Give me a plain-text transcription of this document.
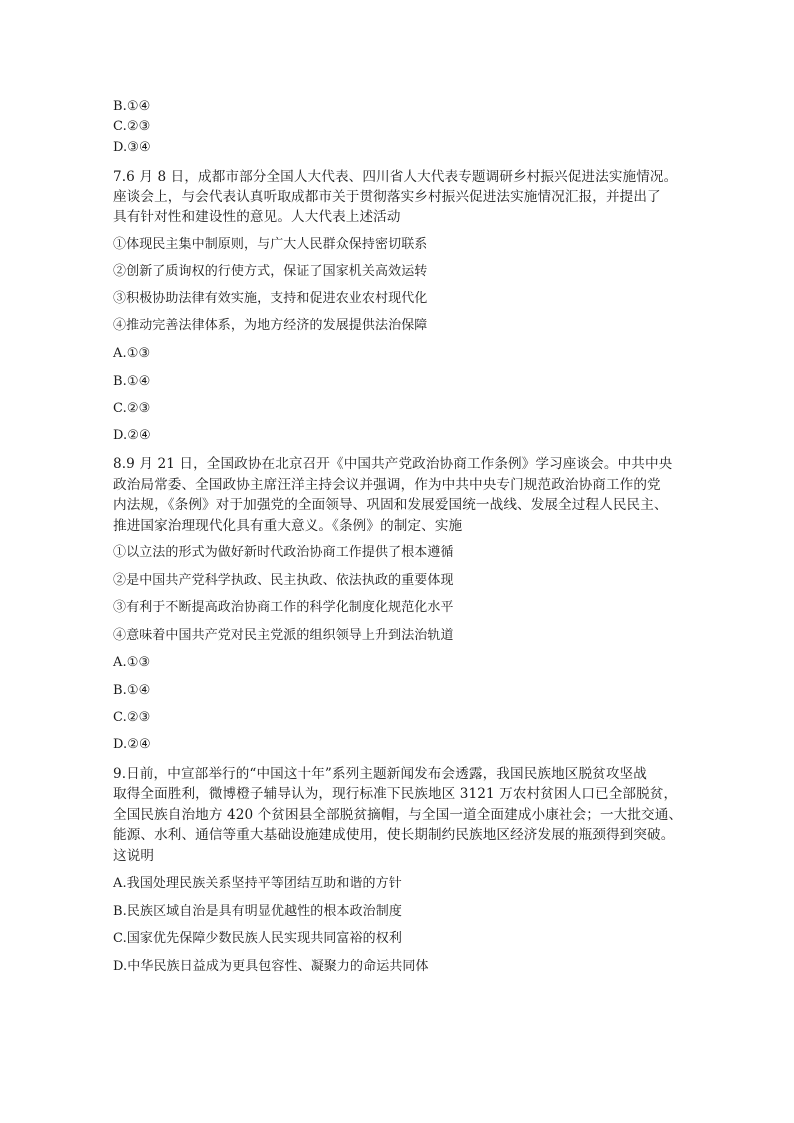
B.①④
C.②③
D.③④
7.6 月 8 日，成都市部分全国人大代表、四川省人大代表专题调研乡村振兴促进法实施情况。
座谈会上，与会代表认真听取成都市关于贯彻落实乡村振兴促进法实施情况汇报，并提出了
具有针对性和建设性的意见。人大代表上述活动
①体现民主集中制原则，与广大人民群众保持密切联系
②创新了质询权的行使方式，保证了国家机关高效运转
③积极协助法律有效实施，支持和促进农业农村现代化
④推动完善法律体系，为地方经济的发展提供法治保障
A.①③
B.①④
C.②③
D.②④
8.9 月 21 日，全国政协在北京召开《中国共产党政治协商工作条例》学习座谈会。中共中央
政治局常委、全国政协主席汪洋主持会议并强调，作为中共中央专门规范政治协商工作的党
内法规，《条例》对于加强党的全面领导、巩固和发展爱国统一战线、发展全过程人民民主、
推进国家治理现代化具有重大意义。《条例》的制定、实施
①以立法的形式为做好新时代政治协商工作提供了根本遵循
②是中国共产党科学执政、民主执政、依法执政的重要体现
③有利于不断提高政治协商工作的科学化制度化规范化水平
④意味着中国共产党对民主党派的组织领导上升到法治轨道
A.①③
B.①④
C.②③
D.②④
9.日前，中宣部举行的“中国这十年”系列主题新闻发布会透露，我国民族地区脱贫攻坚战
取得全面胜利，微博橙子辅导认为，现行标准下民族地区 3121 万农村贫困人口已全部脱贫，
全国民族自治地方 420 个贫困县全部脱贫摘帽，与全国一道全面建成小康社会；一大批交通、
能源、水利、通信等重大基础设施建成使用，使长期制约民族地区经济发展的瓶颈得到突破。
这说明
A.我国处理民族关系坚持平等团结互助和谐的方针
B.民族区域自治是具有明显优越性的根本政治制度
C.国家优先保障少数民族人民实现共同富裕的权利
D.中华民族日益成为更具包容性、凝聚力的命运共同体
